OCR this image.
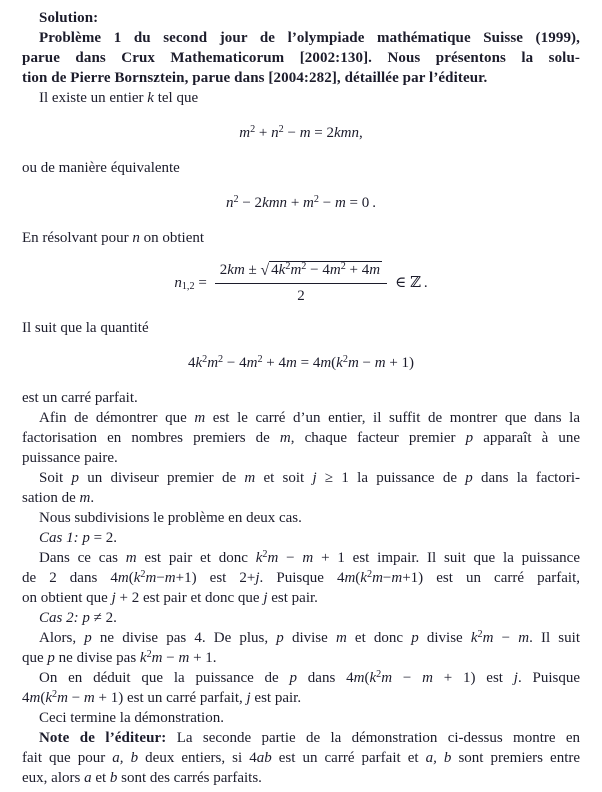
Solution:
Problème 1 du second jour de l’olympiade mathématique Suisse (1999),
parue dans Crux Mathematicorum [2002:130]. Nous présentons la solu-
tion de Pierre Bornsztein, parue dans [2004:282], détaillée par l’éditeur.
Il existe un entier k tel que
$m^2 + n^2 - m = 2kmn$,
ou de manière équivalente
$n^2 - 2kmn + m^2 - m = 0$ .
En résolvant pour n on obtient
$n_{1,2} = \frac{2km \pm √ 4k^2m^2 - 4m^2 + 4m}{2}$ ∈ ℤ .
Il suit que la quantité
$4k^2m^2 - 4m^2 + 4m = 4m(k^2m - m + 1)$
est un carré parfait.
Afin de démontrer que m est le carré d’un entier, il suffit de montrer que dans la
factorisation en nombres premiers de m, chaque facteur premier p apparaît à une
puissance paire.
Soit p un diviseur premier de m et soit j ≥ 1 la puissance de p dans la factori-
sation de m.
Nous subdivisions le problème en deux cas.
Cas 1: p = 2.
Dans ce cas m est pair et donc $k^2m - m + 1$ est impair. Il suit que la puissance
de 2 dans $4m(k^2m-m+1)$ est 2+j. Puisque $4m(k^2m-m+1)$ est un carré parfait,
on obtient que j + 2 est pair et donc que j est pair.
Cas 2: p ≠ 2.
Alors, p ne divise pas 4. De plus, p divise m et donc p divise $k^2m - m$. Il suit
que p ne divise pas $k^2m - m + 1$.
On en déduit que la puissance de p dans $4m(k^2m - m + 1)$ est j. Puisque
$4m(k^2m - m + 1)$ est un carré parfait, j est pair.
Ceci termine la démonstration.
Note de l’éditeur: La seconde partie de la démonstration ci-dessus montre en
fait que pour a, b deux entiers, si 4ab est un carré parfait et a, b sont premiers entre
eux, alors a et b sont des carrés parfaits.
